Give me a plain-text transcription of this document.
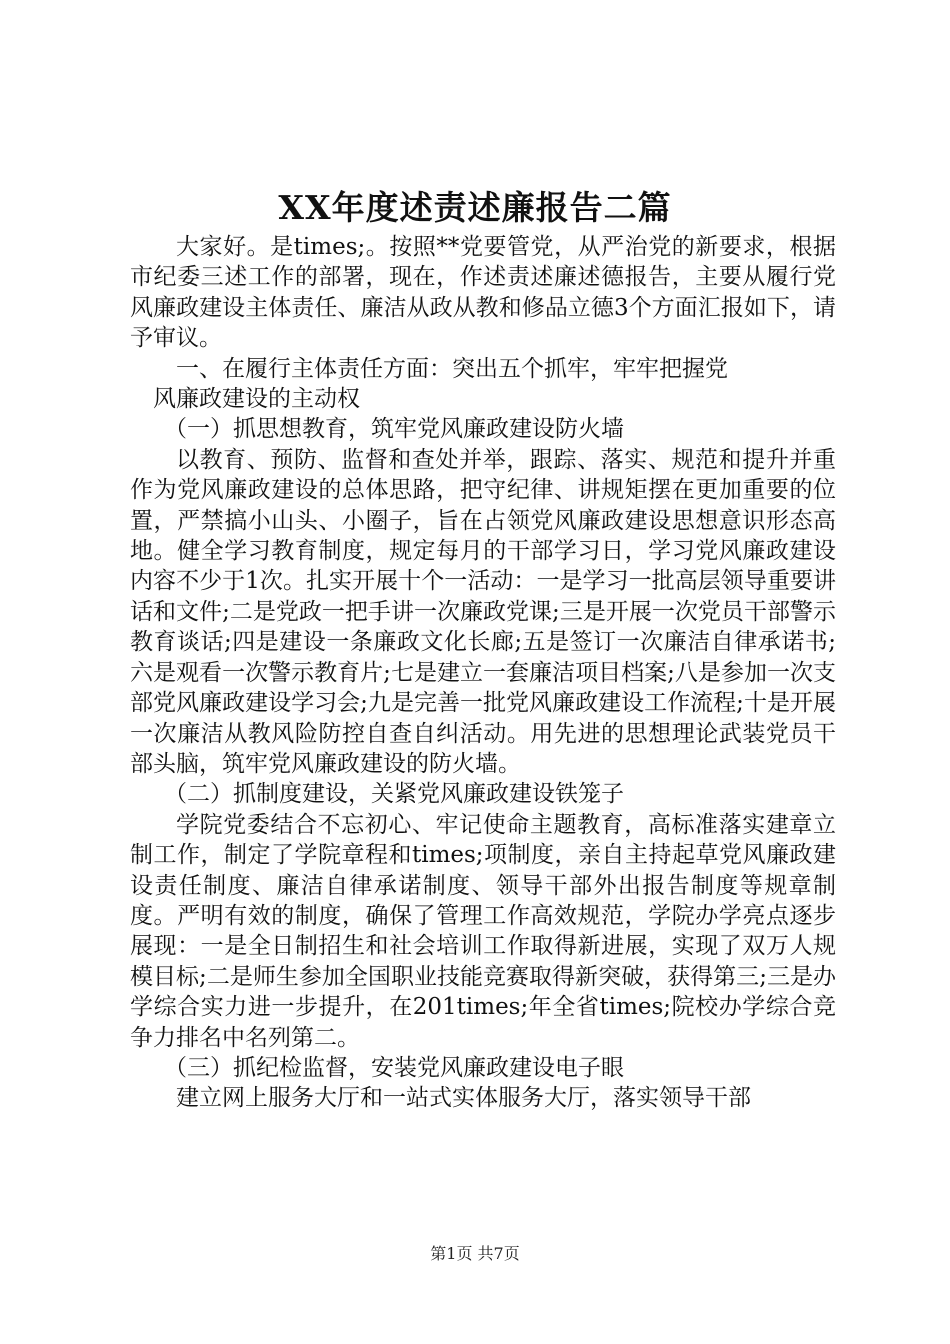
XX年度述责述廉报告二篇

大家好。是times;。按照**党要管党，从严治党的新要求，根据市纪委三述工作的部署，现在，作述责述廉述德报告，主要从履行党风廉政建设主体责任、廉洁从政从教和修品立德3个方面汇报如下，请予审议。

一、在履行主体责任方面：突出五个抓牢，牢牢把握党

风廉政建设的主动权

（一）抓思想教育，筑牢党风廉政建设防火墙

以教育、预防、监督和查处并举，跟踪、落实、规范和提升并重作为党风廉政建设的总体思路，把守纪律、讲规矩摆在更加重要的位置，严禁搞小山头、小圈子，旨在占领党风廉政建设思想意识形态高地。健全学习教育制度，规定每月的干部学习日，学习党风廉政建设内容不少于1次。扎实开展十个一活动：一是学习一批高层领导重要讲话和文件;二是党政一把手讲一次廉政党课;三是开展一次党员干部警示教育谈话;四是建设一条廉政文化长廊;五是签订一次廉洁自律承诺书;六是观看一次警示教育片;七是建立一套廉洁项目档案;八是参加一次支部党风廉政建设学习会;九是完善一批党风廉政建设工作流程;十是开展一次廉洁从教风险防控自查自纠活动。用先进的思想理论武装党员干部头脑，筑牢党风廉政建设的防火墙。

（二）抓制度建设，关紧党风廉政建设铁笼子

学院党委结合不忘初心、牢记使命主题教育，高标准落实建章立制工作，制定了学院章程和times;项制度，亲自主持起草党风廉政建设责任制度、廉洁自律承诺制度、领导干部外出报告制度等规章制度。严明有效的制度，确保了管理工作高效规范，学院办学亮点逐步展现：一是全日制招生和社会培训工作取得新进展，实现了双万人规模目标;二是师生参加全国职业技能竞赛取得新突破，获得第三;三是办学综合实力进一步提升，在201times;年全省times;院校办学综合竞争力排名中名列第二。

（三）抓纪检监督，安装党风廉政建设电子眼

建立网上服务大厅和一站式实体服务大厅，落实领导干部

第1页 共7页
